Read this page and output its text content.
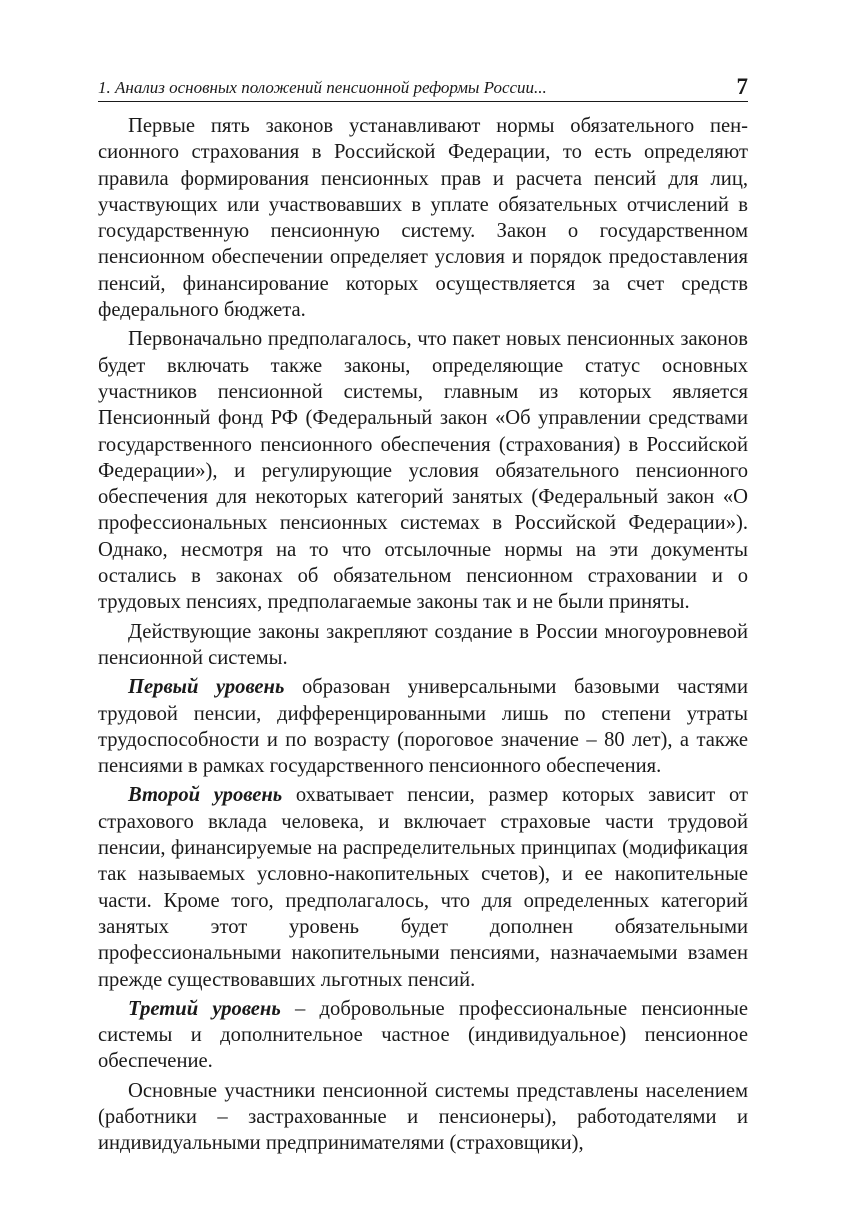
1. Анализ основных положений пенсионной реформы России...	7

Первые пять законов устанавливают нормы обязательного пенсионного страхования в Российской Федерации, то есть определяют правила формирования пенсионных прав и расчета пенсий для лиц, участвующих или участвовавших в уплате обязательных отчислений в государственную пенсионную систему. Закон о государственном пенсионном обеспечении определяет условия и порядок предоставления пенсий, финансирование которых осуществляется за счет средств федерального бюджета.

Первоначально предполагалось, что пакет новых пенсионных законов будет включать также законы, определяющие статус основных участников пенсионной системы, главным из которых является Пенсионный фонд РФ (Федеральный закон «Об управлении средствами государственного пенсионного обеспечения (страхования) в Российской Федерации»), и регулирующие условия обязательного пенсионного обеспечения для некоторых категорий занятых (Федеральный закон «О профессиональных пенсионных системах в Российской Федерации»). Однако, несмотря на то что отсылочные нормы на эти документы остались в законах об обязательном пенсионном страховании и о трудовых пенсиях, предполагаемые законы так и не были приняты.

Действующие законы закрепляют создание в России многоуровневой пенсионной системы.

Первый уровень образован универсальными базовыми частями трудовой пенсии, дифференцированными лишь по степени утраты трудоспособности и по возрасту (пороговое значение – 80 лет), а также пенсиями в рамках государственного пенсионного обеспечения.

Второй уровень охватывает пенсии, размер которых зависит от страхового вклада человека, и включает страховые части трудовой пенсии, финансируемые на распределительных принципах (модификация так называемых условно-накопительных счетов), и ее накопительные части. Кроме того, предполагалось, что для определенных категорий занятых этот уровень будет дополнен обязательными профессиональными накопительными пенсиями, назначаемыми взамен прежде существовавших льготных пенсий.

Третий уровень – добровольные профессиональные пенсионные системы и дополнительное частное (индивидуальное) пенсионное обеспечение.

Основные участники пенсионной системы представлены населением (работники – застрахованные и пенсионеры), работодателями и индивидуальными предпринимателями (страховщики),
